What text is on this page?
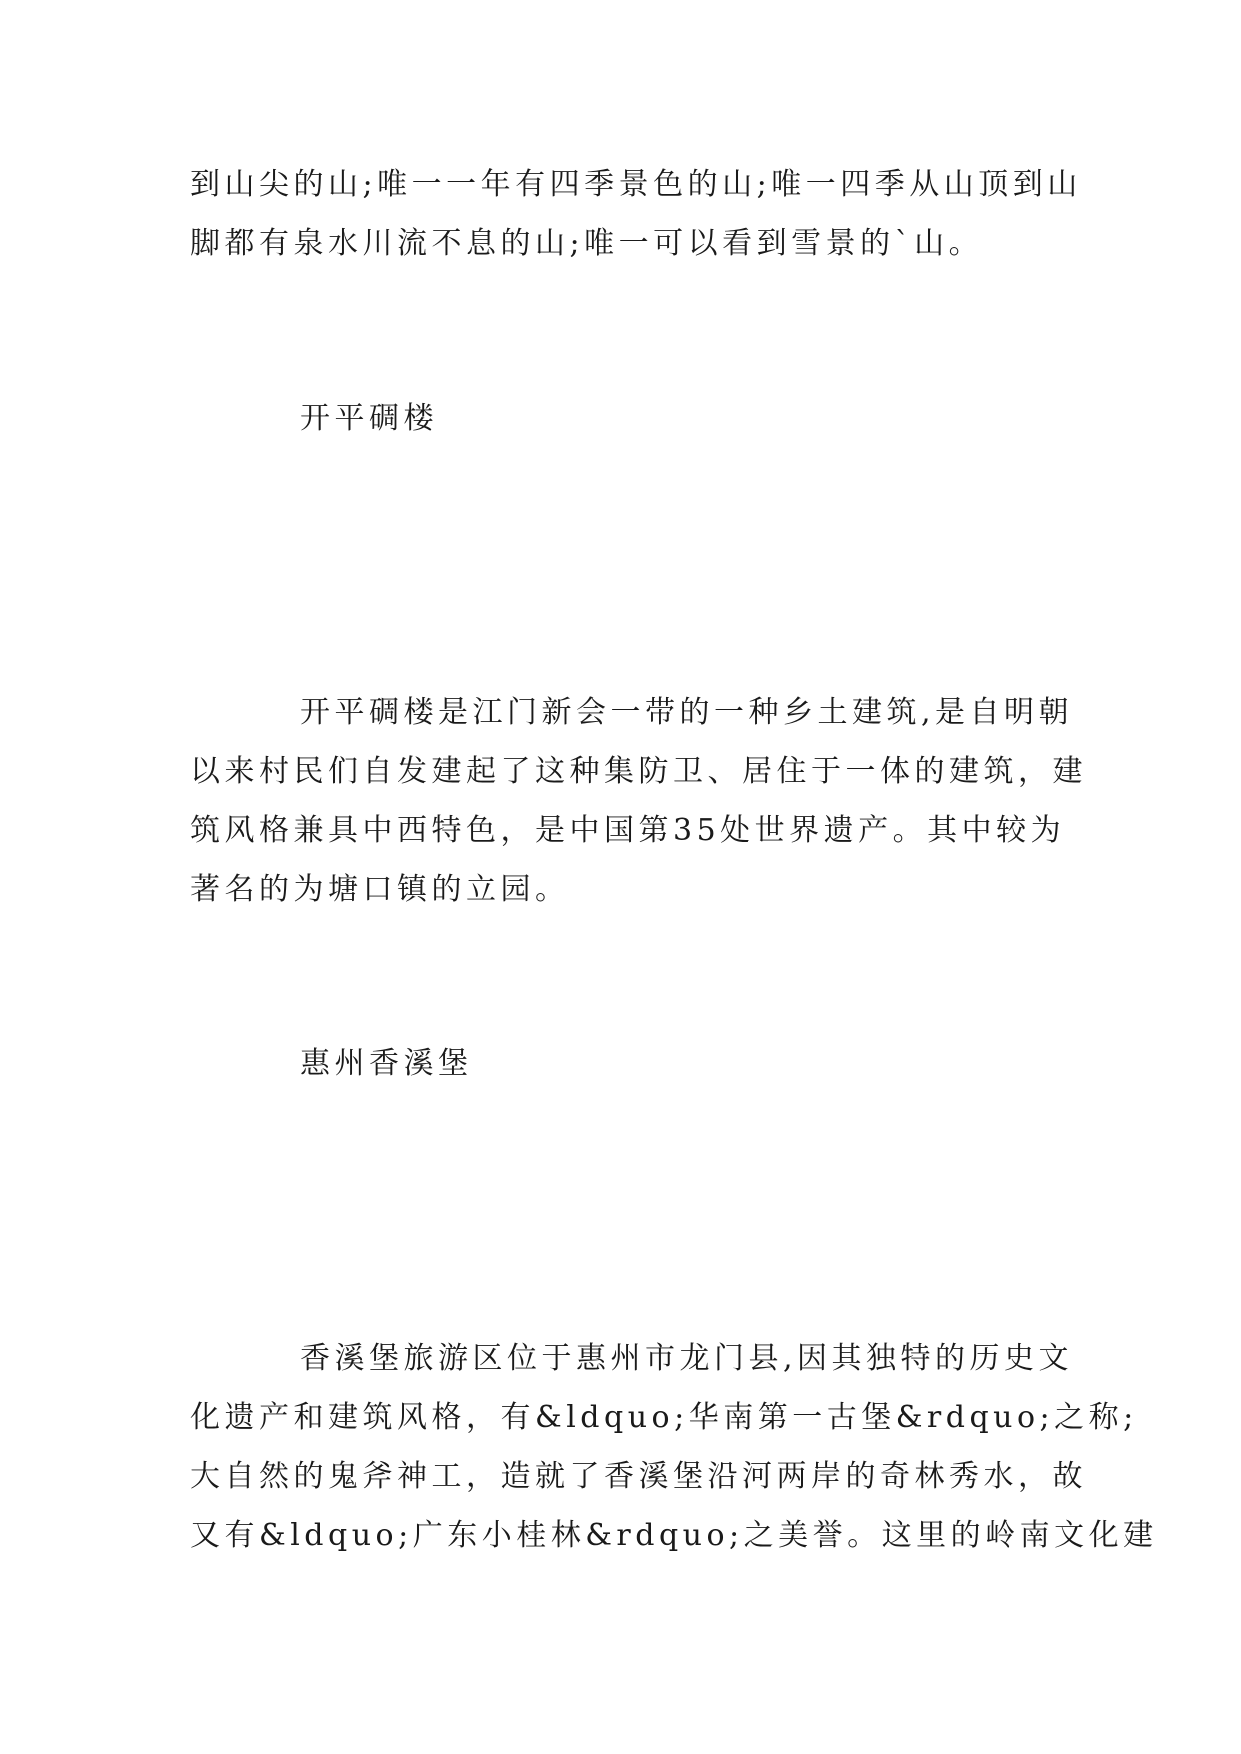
到山尖的山;唯一一年有四季景色的山;唯一四季从山顶到山
脚都有泉水川流不息的山;唯一可以看到雪景的`山。
开平碉楼
开平碉楼是江门新会一带的一种乡土建筑,是自明朝
以来村民们自发建起了这种集防卫、居住于一体的建筑，建
筑风格兼具中西特色，是中国第35处世界遗产。其中较为
著名的为塘口镇的立园。
惠州香溪堡
香溪堡旅游区位于惠州市龙门县,因其独特的历史文
化遗产和建筑风格，有&ldquo;华南第一古堡&rdquo;之称;
大自然的鬼斧神工，造就了香溪堡沿河两岸的奇林秀水，故
又有&ldquo;广东小桂林&rdquo;之美誉。这里的岭南文化建
